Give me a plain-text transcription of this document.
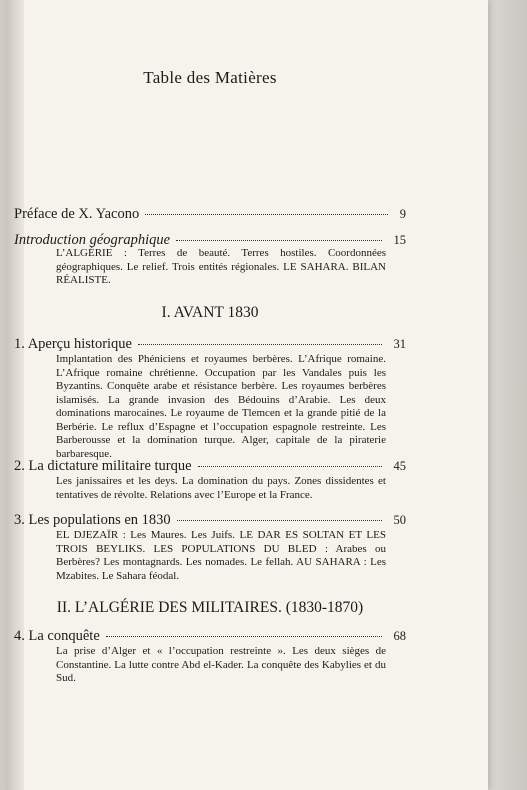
Table des Matières
Préface de X. Yacono	9
Introduction géographique	15
L’ALGÉRIE : Terres de beauté. Terres hostiles. Coordonnées géographiques. Le relief. Trois entités régionales. LE SAHARA. BILAN RÉALISTE.
I. AVANT 1830
1. Aperçu historique	31
Implantation des Phéniciens et royaumes berbères. L’Afrique romaine. L’Afrique romaine chrétienne. Occupation par les Vandales puis les Byzantins. Conquête arabe et résistance berbère. Les royaumes berbères islamisés. La grande invasion des Bédouins d’Arabie. Les deux dominations marocaines. Le royaume de Tlemcen et la grande pitié de la Berbérie. Le reflux d’Espagne et l’occupation espagnole restreinte. Les Barberousse et la domination turque. Alger, capitale de la piraterie barbaresque.
2. La dictature militaire turque	45
Les janissaires et les deys. La domination du pays. Zones dissidentes et tentatives de révolte. Relations avec l’Europe et la France.
3. Les populations en 1830	50
EL DJEZAÏR : Les Maures. Les Juifs. LE DAR ES SOLTAN ET LES TROIS BEYLIKS. LES POPULATIONS DU BLED : Arabes ou Berbères? Les montagnards. Les nomades. Le fellah. AU SAHARA : Les Mzabites. Le Sahara féodal.
II. L’ALGÉRIE DES MILITAIRES. (1830-1870)
4. La conquête	68
La prise d’Alger et « l’occupation restreinte ». Les deux sièges de Constantine. La lutte contre Abd el-Kader. La conquête des Kabylies et du Sud.
